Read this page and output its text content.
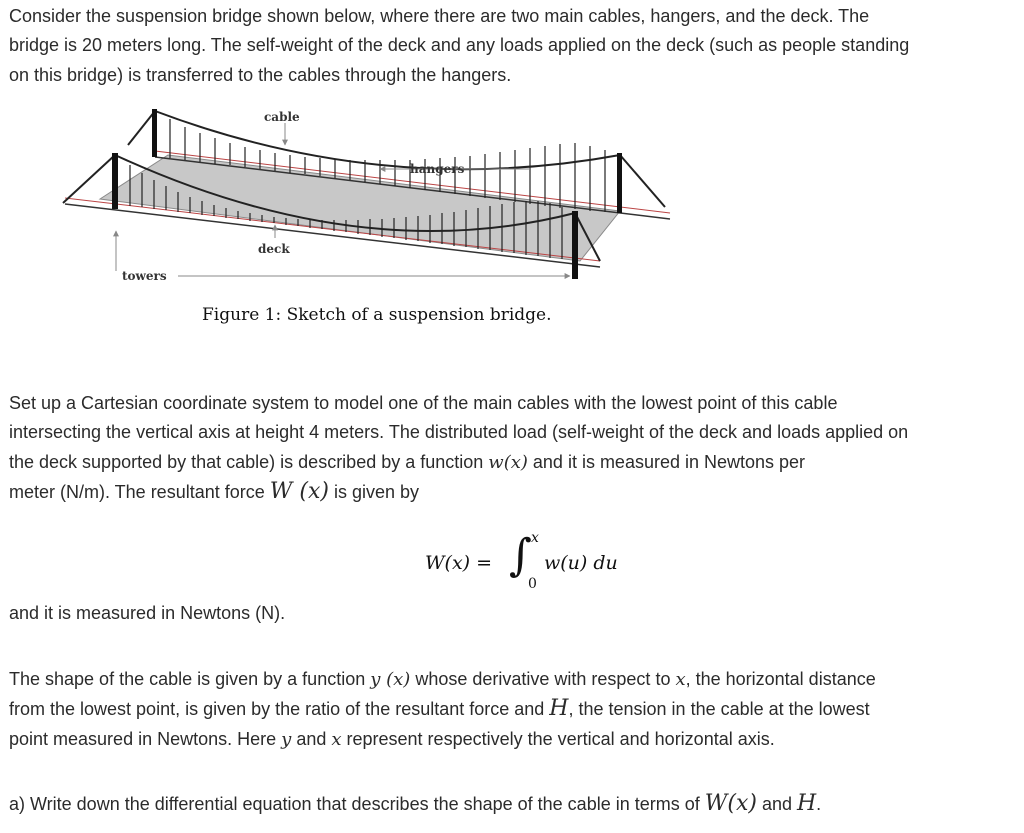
Consider the suspension bridge shown below, where there are two main cables, hangers, and the deck. The
bridge is 20 meters long. The self-weight of the deck and any loads applied on the deck (such as people standing
on this bridge) is transferred to the cables through the hangers.
cable
hangers
deck
towers
Figure 1: Sketch of a suspension bridge.
Set up a Cartesian coordinate system to model one of the main cables with the lowest point of this cable
intersecting the vertical axis at height 4 meters. The distributed load (self-weight of the deck and loads applied on
the deck supported by that cable) is described by a function w(x) and it is measured in Newtons per
meter (N/m). The resultant force W (x) is given by
W(x) = ∫ x
0
w(u) du
and it is measured in Newtons (N).
The shape of the cable is given by a function y (x) whose derivative with respect to x, the horizontal distance
from the lowest point, is given by the ratio of the resultant force and H, the tension in the cable at the lowest
point measured in Newtons. Here y and x represent respectively the vertical and horizontal axis.
a) Write down the differential equation that describes the shape of the cable in terms of W(x) and H.
